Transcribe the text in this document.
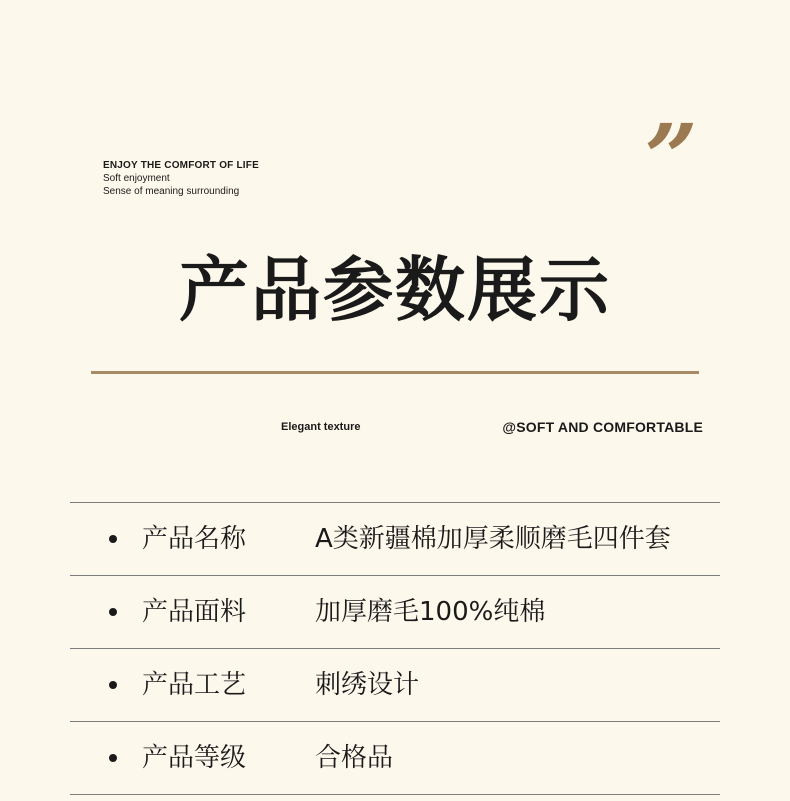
ENJOY THE COMFORT OF LIFE
Soft enjoyment
Sense of meaning surrounding	”
产品参数展示
Elegant texture	@SOFT AND COMFORTABLE
产品名称	A类新疆棉加厚柔顺磨毛四件套
产品面料	加厚磨毛100%纯棉
产品工艺	刺绣设计
产品等级	合格品
